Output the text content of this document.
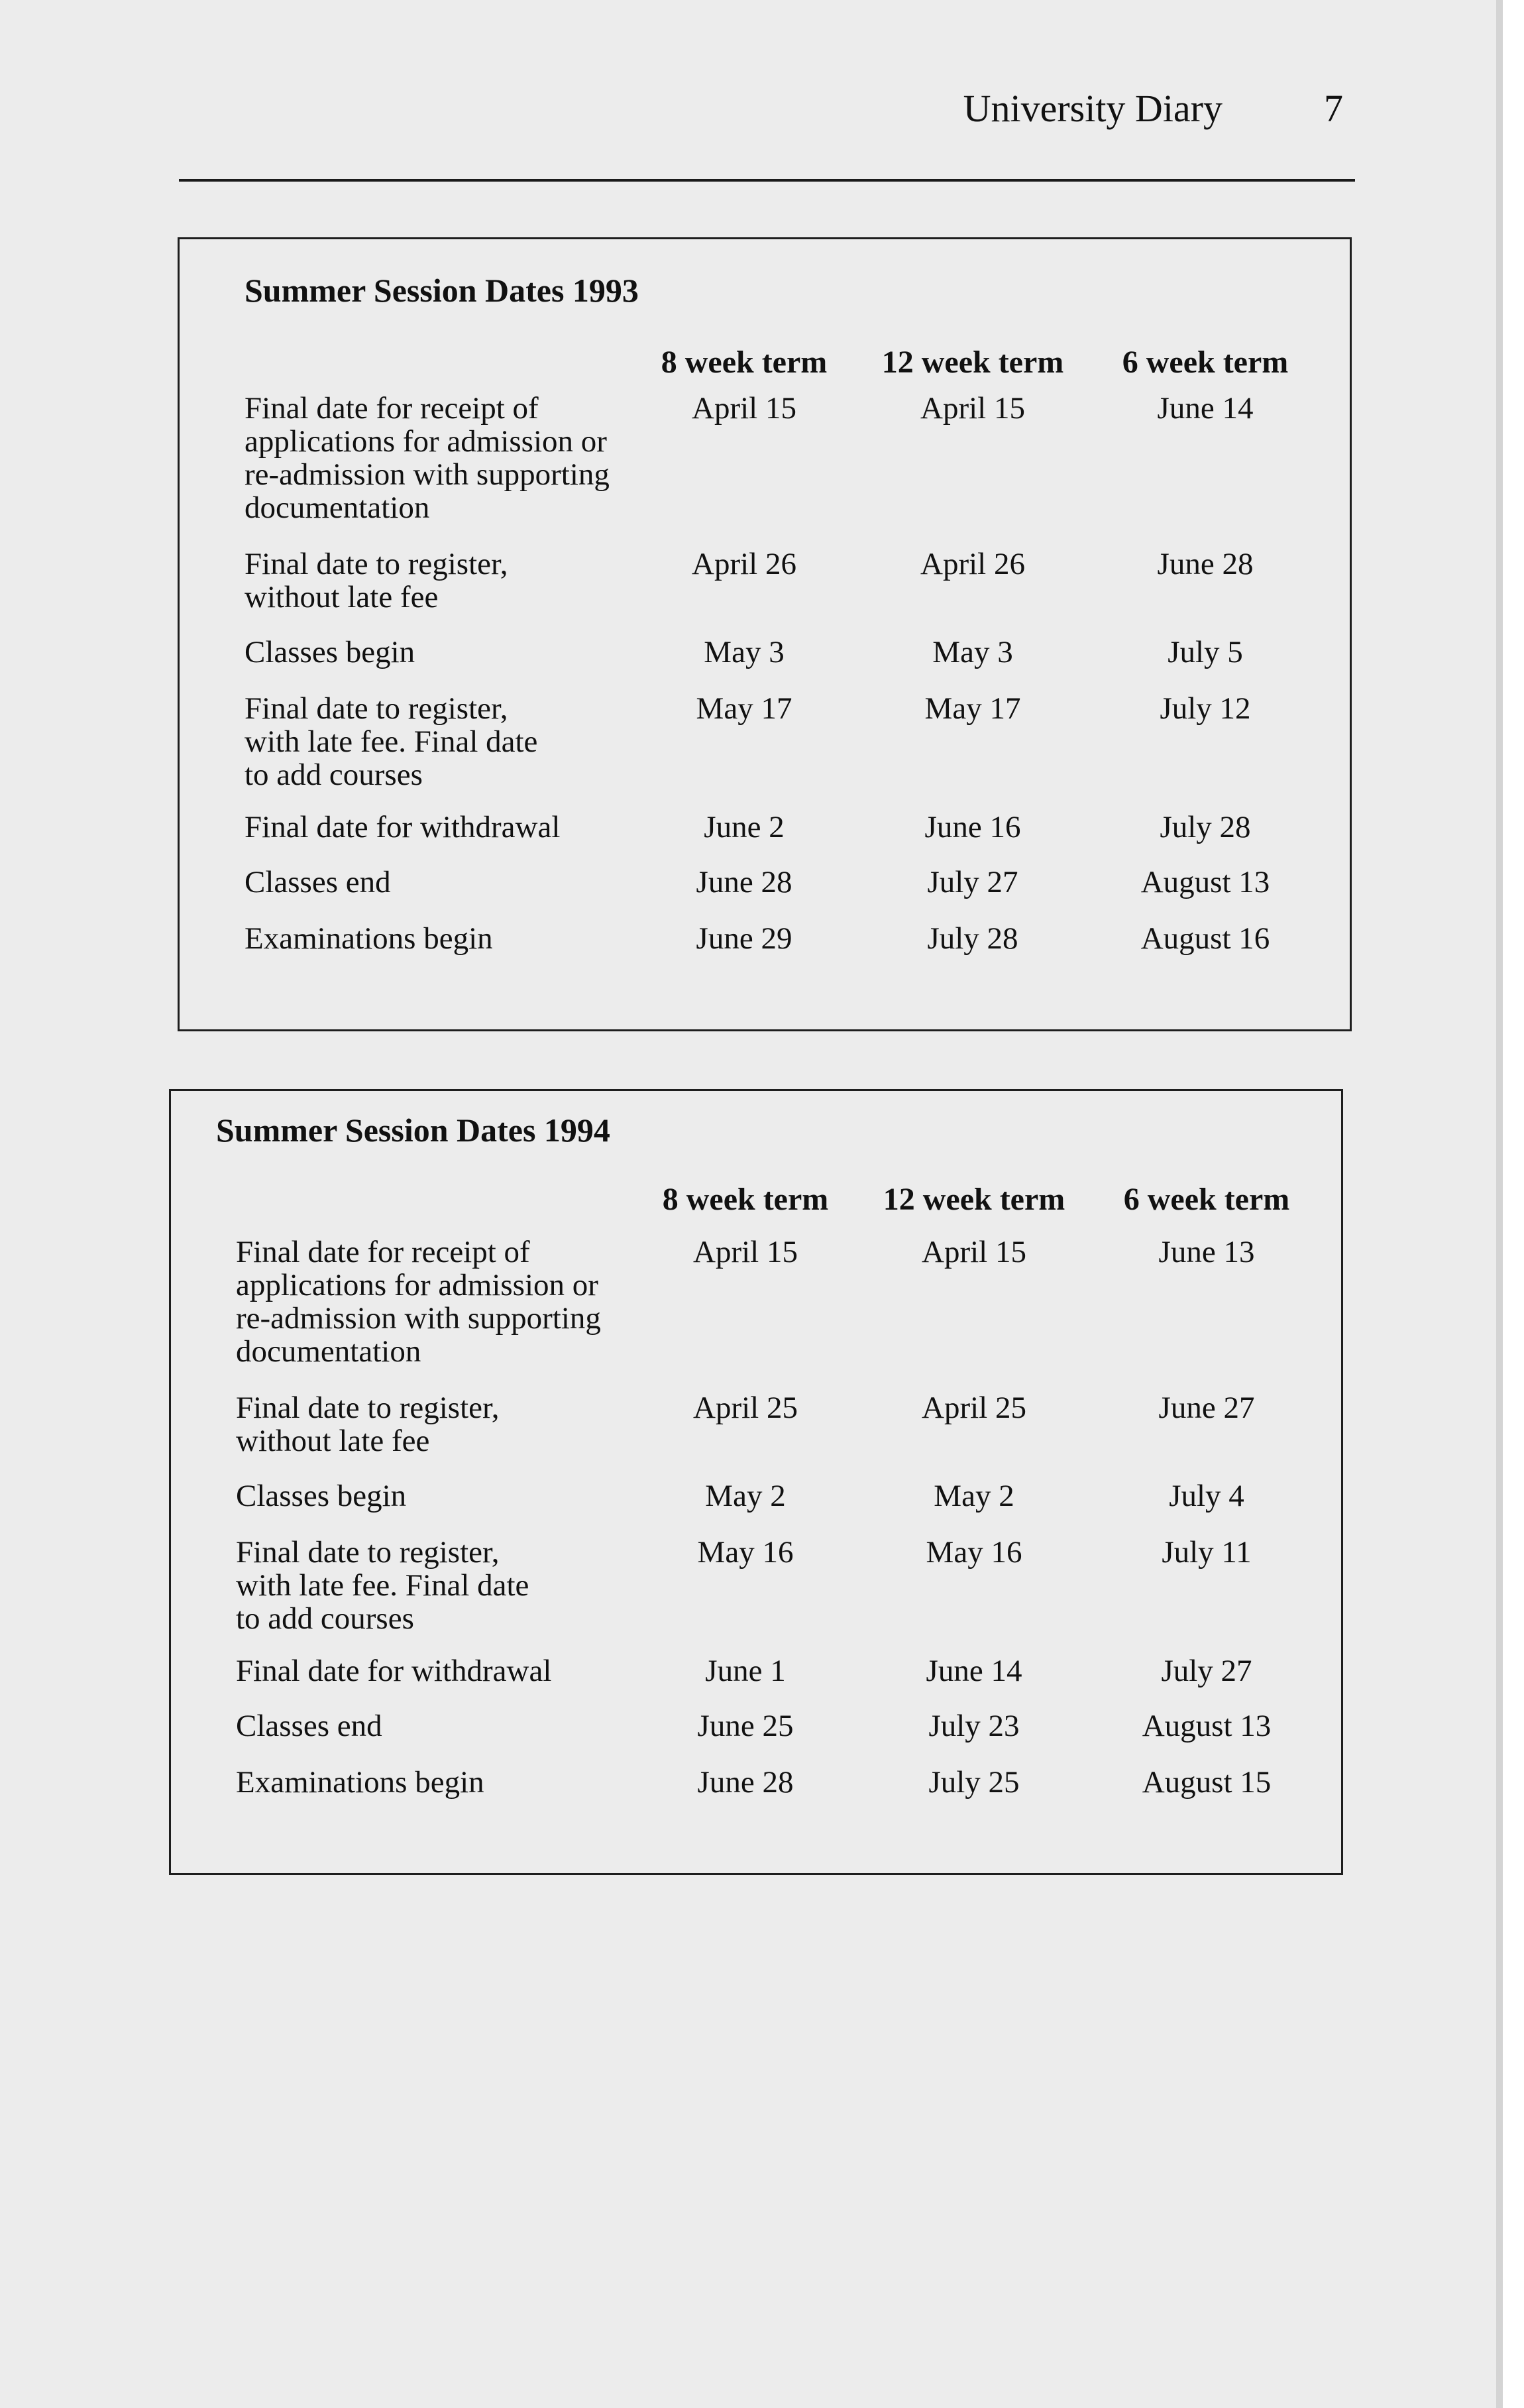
University Diary	7
Summer Session Dates 1993
8 week term	12 week term	6 week term
Final date for receipt of
applications for admission or
re-admission with supporting
documentation
April 15	April 15	June 14
Final date to register,
without late fee
April 26	April 26	June 28
Classes begin	May 3	May 3	July 5
Final date to register,
with late fee. Final date
to add courses
May 17	May 17	July 12
Final date for withdrawal	June 2	June 16	July 28
Classes end	June 28	July 27	August 13
Examinations begin	June 29	July 28	August 16
Summer Session Dates 1994
8 week term	12 week term	6 week term
Final date for receipt of
applications for admission or
re-admission with supporting
documentation
April 15	April 15	June 13
Final date to register,
without late fee
April 25	April 25	June 27
Classes begin	May 2	May 2	July 4
Final date to register,
with late fee. Final date
to add courses
May 16	May 16	July 11
Final date for withdrawal	June 1	June 14	July 27
Classes end	June 25	July 23	August 13
Examinations begin	June 28	July 25	August 15
